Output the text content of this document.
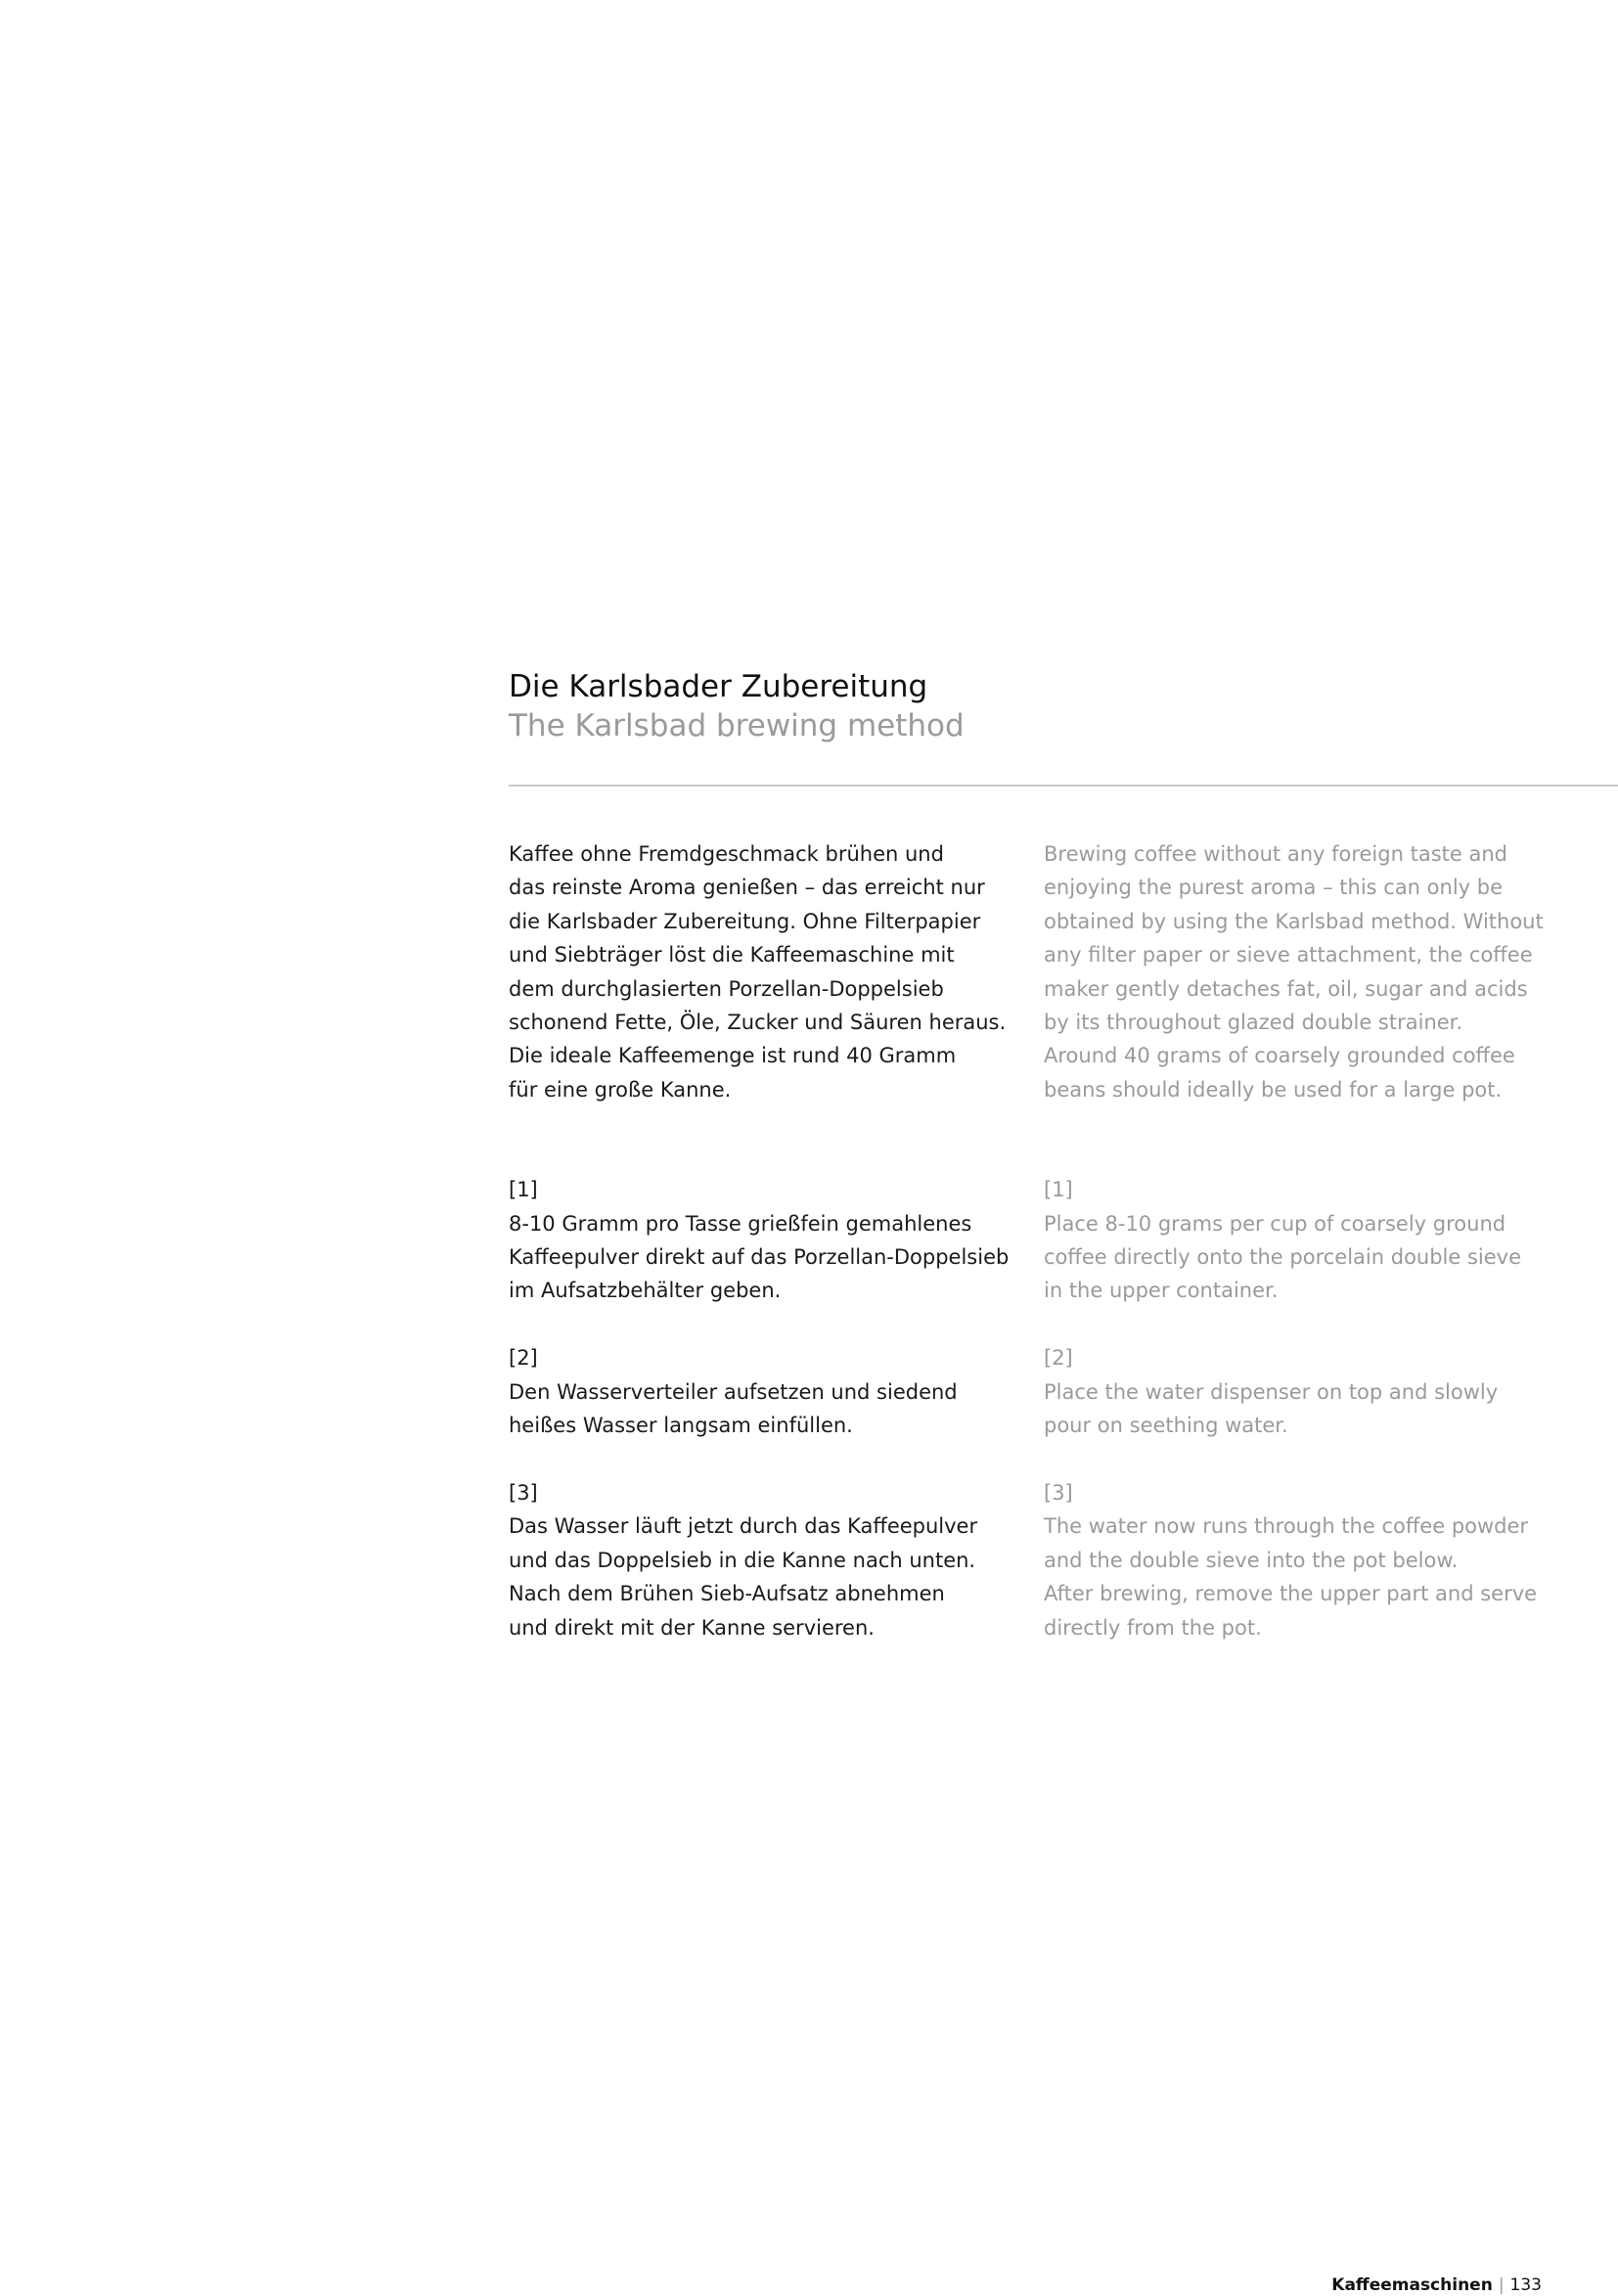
Die Karlsbader Zubereitung
The Karlsbad brewing method

Kaffee ohne Fremdgeschmack brühen und
das reinste Aroma genießen – das erreicht nur
die Karlsbader Zubereitung. Ohne Filterpapier
und Siebträger löst die Kaffeemaschine mit
dem durchglasierten Porzellan-Doppelsieb
schonend Fette, Öle, Zucker und Säuren heraus.
Die ideale Kaffeemenge ist rund 40 Gramm
für eine große Kanne.

[1]
8-10 Gramm pro Tasse grießfein gemahlenes
Kaffeepulver direkt auf das Porzellan-Doppelsieb
im Aufsatzbehälter geben.

[2]
Den Wasserverteiler aufsetzen und siedend
heißes Wasser langsam einfüllen.

[3]
Das Wasser läuft jetzt durch das Kaffeepulver
und das Doppelsieb in die Kanne nach unten.
Nach dem Brühen Sieb-Aufsatz abnehmen
und direkt mit der Kanne servieren.

Brewing coffee without any foreign taste and
enjoying the purest aroma – this can only be
obtained by using the Karlsbad method. Without
any filter paper or sieve attachment, the coffee
maker gently detaches fat, oil, sugar and acids
by its throughout glazed double strainer.
Around 40 grams of coarsely grounded coffee
beans should ideally be used for a large pot.

[1]
Place 8-10 grams per cup of coarsely ground
coffee directly onto the porcelain double sieve
in the upper container.

[2]
Place the water dispenser on top and slowly
pour on seething water.

[3]
The water now runs through the coffee powder
and the double sieve into the pot below.
After brewing, remove the upper part and serve
directly from the pot.

Kaffeemaschinen | 133
